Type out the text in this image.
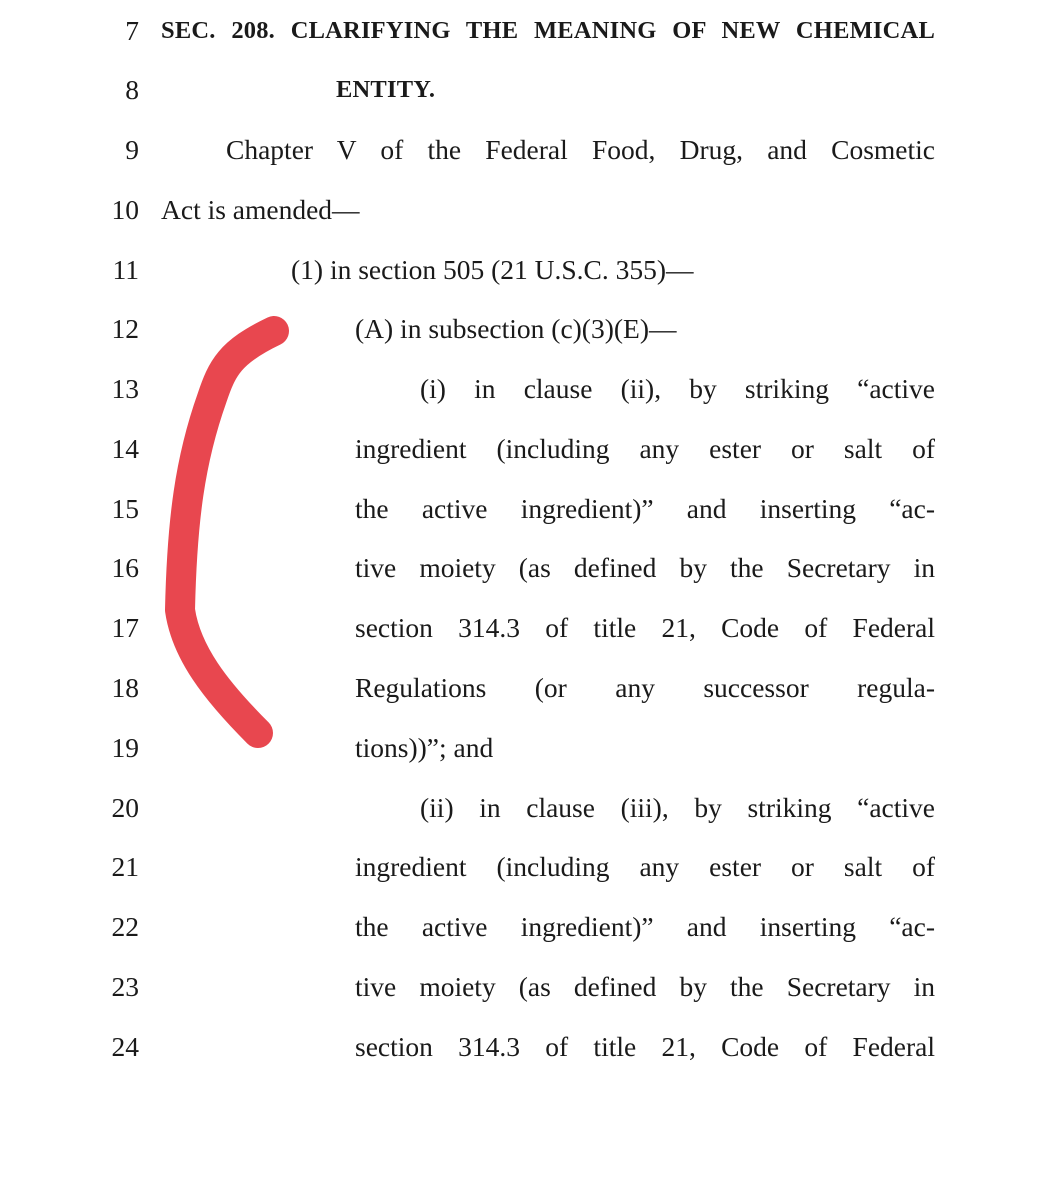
7 SEC. 208. CLARIFYING THE MEANING OF NEW CHEMICAL
8	ENTITY.
9	Chapter V of the Federal Food, Drug, and Cosmetic
10 Act is amended—
11	(1) in section 505 (21 U.S.C. 355)—
12	(A) in subsection (c)(3)(E)—
13	(i) in clause (ii), by striking “active
14	ingredient (including any ester or salt of
15	the active ingredient)” and inserting “ac-
16	tive moiety (as defined by the Secretary in
17	section 314.3 of title 21, Code of Federal
18	Regulations (or any successor regula-
19	tions))”; and
20	(ii) in clause (iii), by striking “active
21	ingredient (including any ester or salt of
22	the active ingredient)” and inserting “ac-
23	tive moiety (as defined by the Secretary in
24	section 314.3 of title 21, Code of Federal
